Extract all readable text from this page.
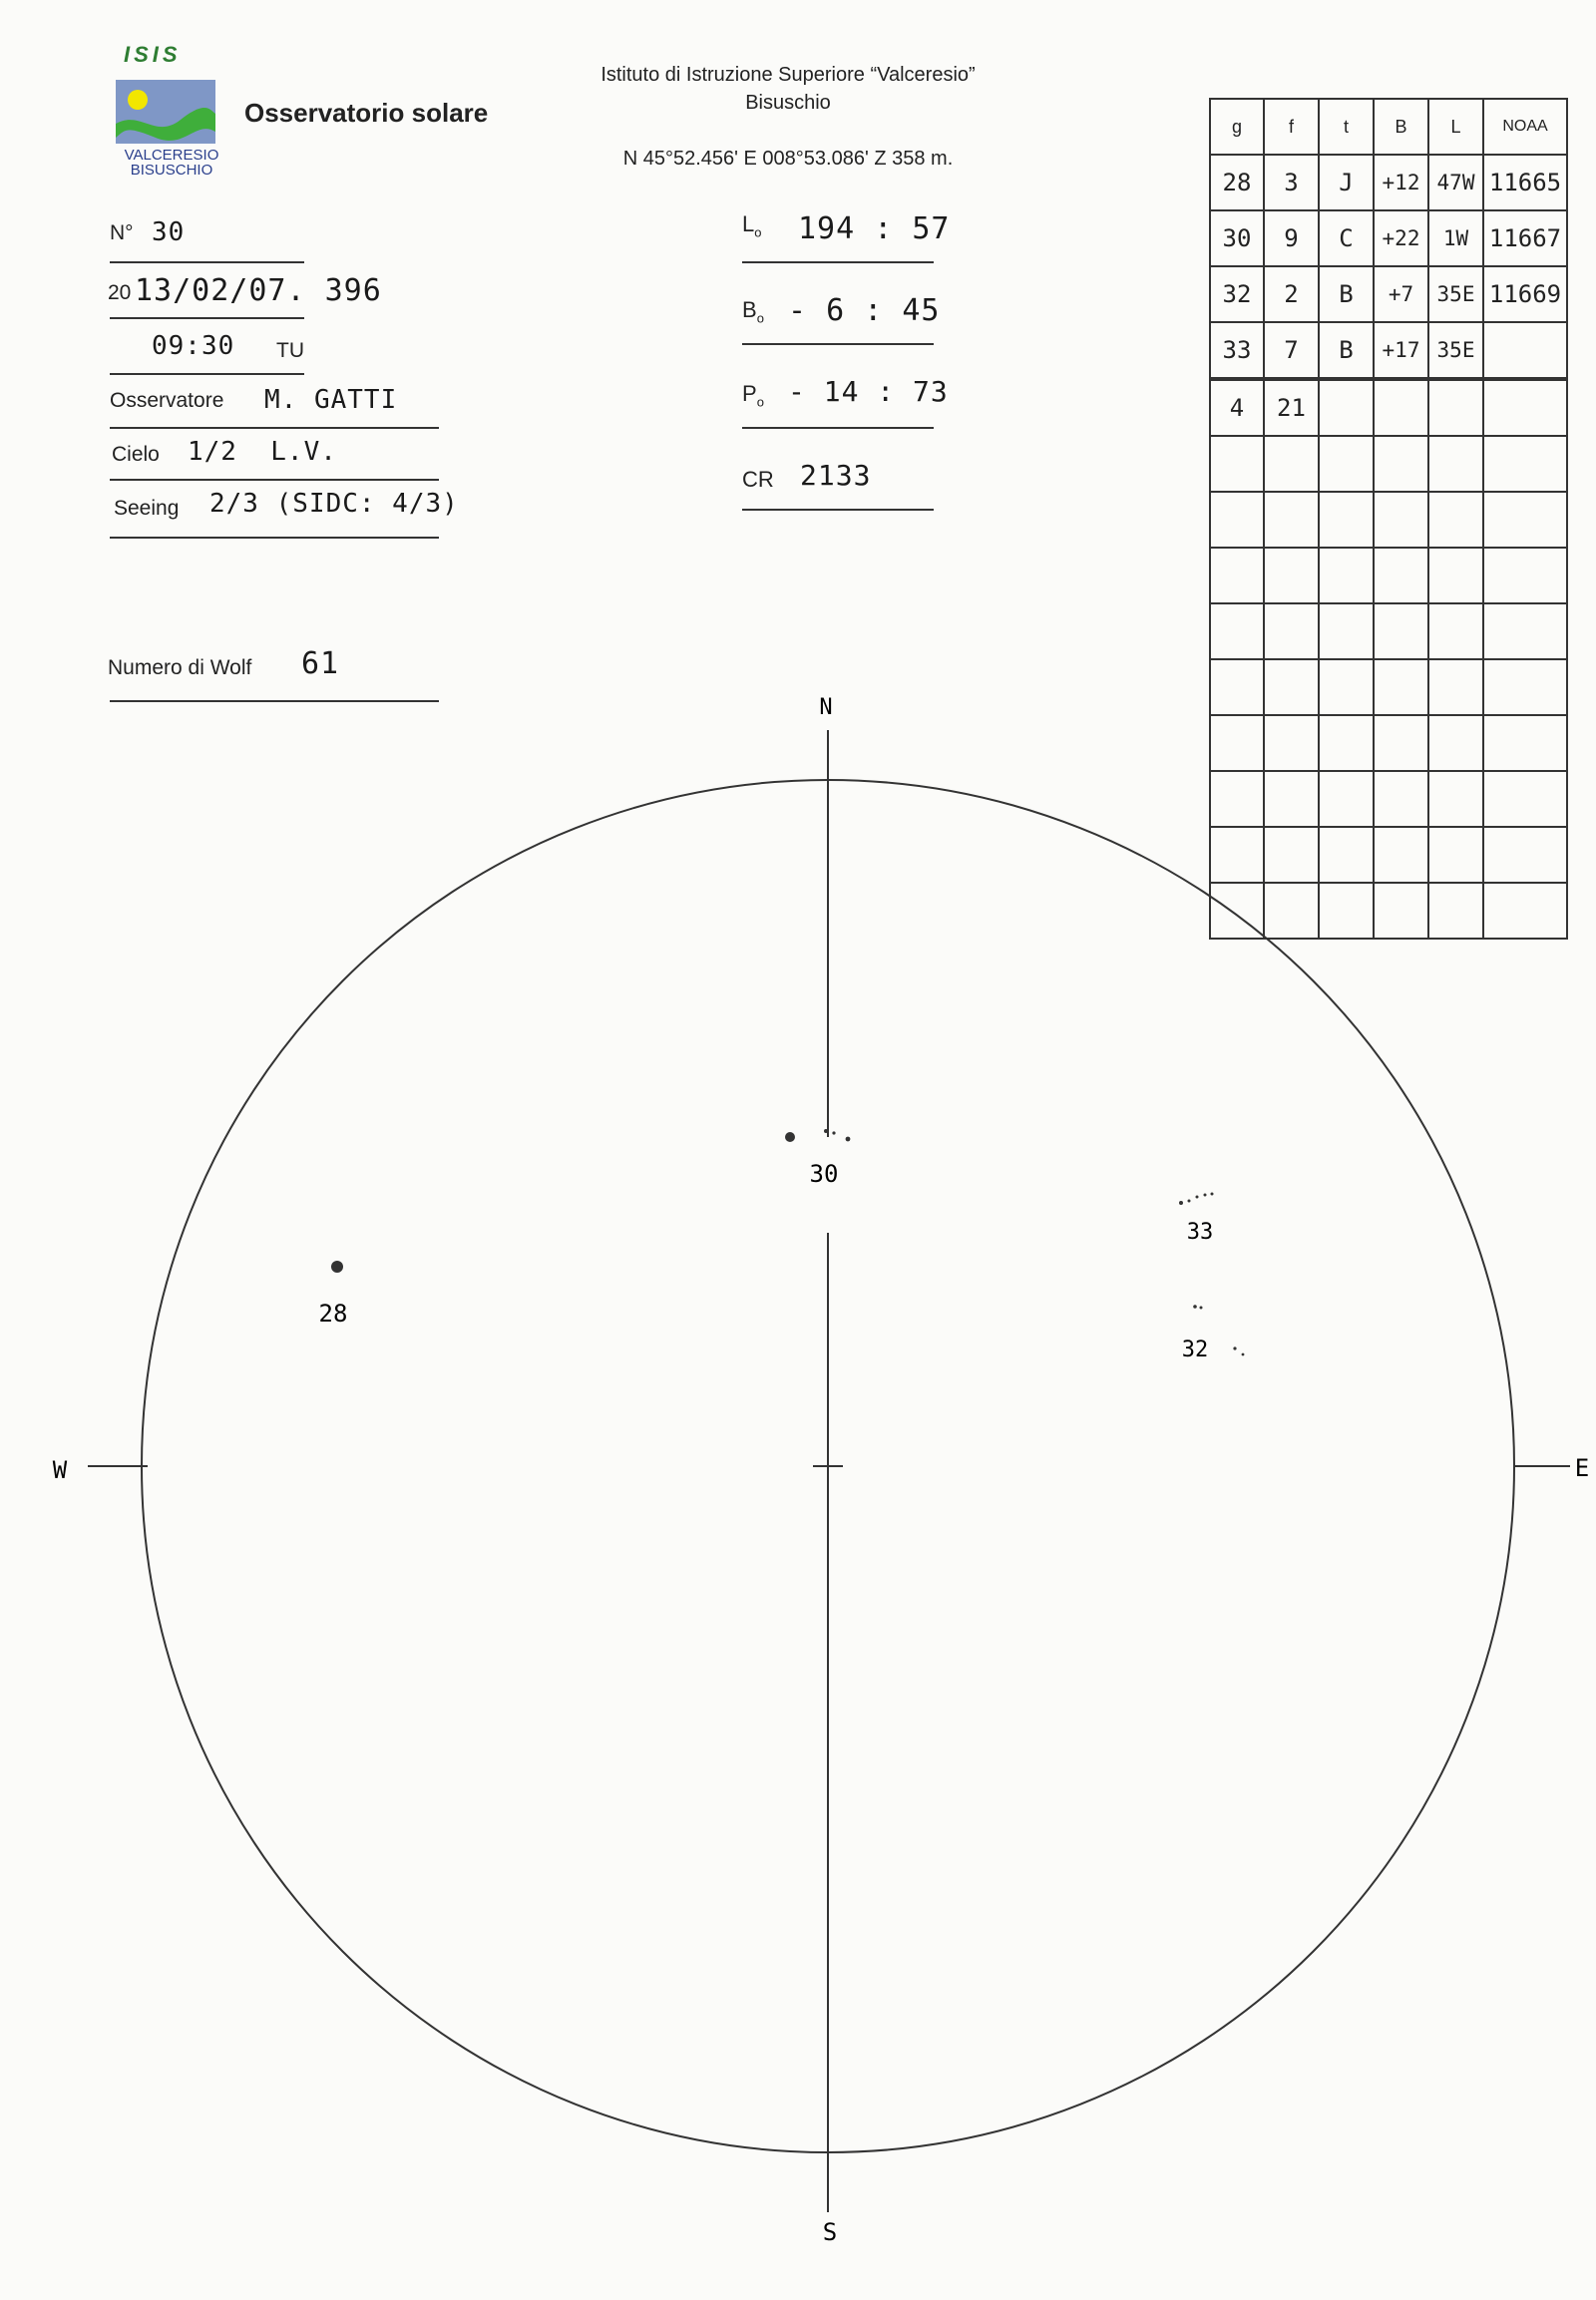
ISIS
VALCERESIO
BISUSCHIO
Osservatorio solare
Istituto di Istruzione Superiore “Valceresio”
Bisuschio
N 45°52.456' E 008°53.086' Z 358 m.
N° 30
20 13/02/07. 396
09:30 TU
Osservatore M. GATTI
Cielo 1/2  L.V.
Seeing 2/3 (SIDC: 4/3)
Numero di Wolf 61
$L_o$ 194 : 57
$B_o - 6$ : 45
$P_o - 14$ : 73
CR 2133
g	f	t	B	L	NOAA
28	3	J	+12	47W	11665
30	9	C	+22	1W	11667
32	2	B	+7	35E	11669
33	7	B	+17	35E	
4	21				

N
S
E
W
30
28
33
32
